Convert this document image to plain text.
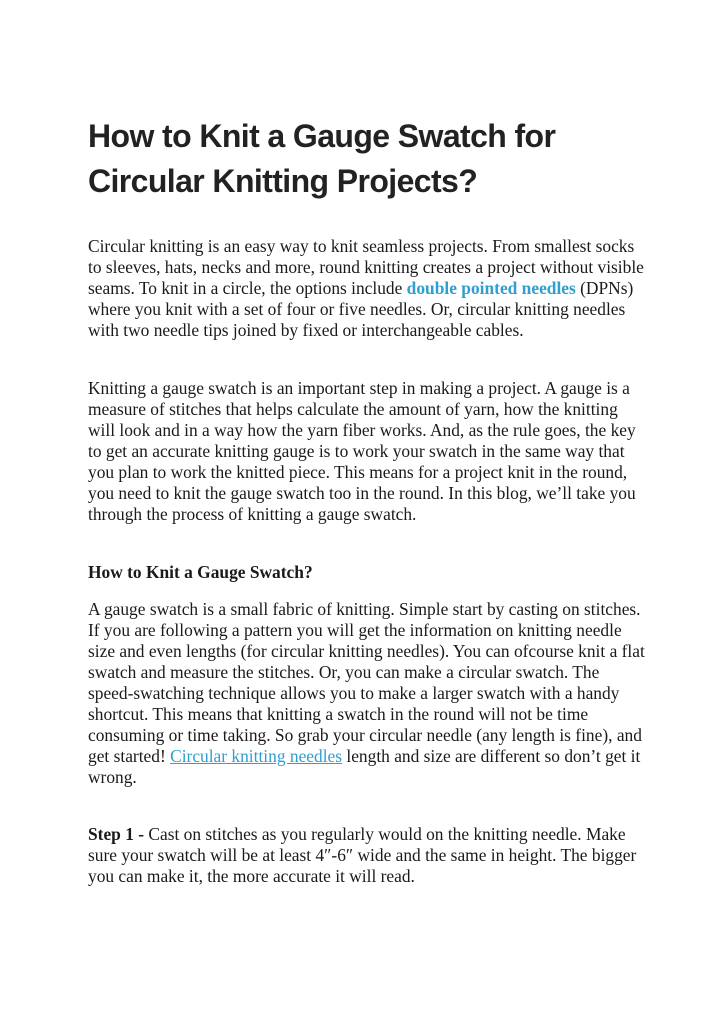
How to Knit a Gauge Swatch for Circular Knitting Projects?

Circular knitting is an easy way to knit seamless projects. From smallest socks to sleeves, hats, necks and more, round knitting creates a project without visible seams. To knit in a circle, the options include double pointed needles (DPNs) where you knit with a set of four or five needles. Or, circular knitting needles with two needle tips joined by fixed or interchangeable cables.

Knitting a gauge swatch is an important step in making a project. A gauge is a measure of stitches that helps calculate the amount of yarn, how the knitting will look and in a way how the yarn fiber works. And, as the rule goes, the key to get an accurate knitting gauge is to work your swatch in the same way that you plan to work the knitted piece. This means for a project knit in the round, you need to knit the gauge swatch too in the round. In this blog, we’ll take you through the process of knitting a gauge swatch.

How to Knit a Gauge Swatch?

A gauge swatch is a small fabric of knitting. Simple start by casting on stitches. If you are following a pattern you will get the information on knitting needle size and even lengths (for circular knitting needles). You can ofcourse knit a flat swatch and measure the stitches. Or, you can make a circular swatch. The speed-swatching technique allows you to make a larger swatch with a handy shortcut. This means that knitting a swatch in the round will not be time consuming or time taking. So grab your circular needle (any length is fine), and get started! Circular knitting needles length and size are different so don’t get it wrong.

Step 1 - Cast on stitches as you regularly would on the knitting needle. Make sure your swatch will be at least 4″-6″ wide and the same in height. The bigger you can make it, the more accurate it will read.
